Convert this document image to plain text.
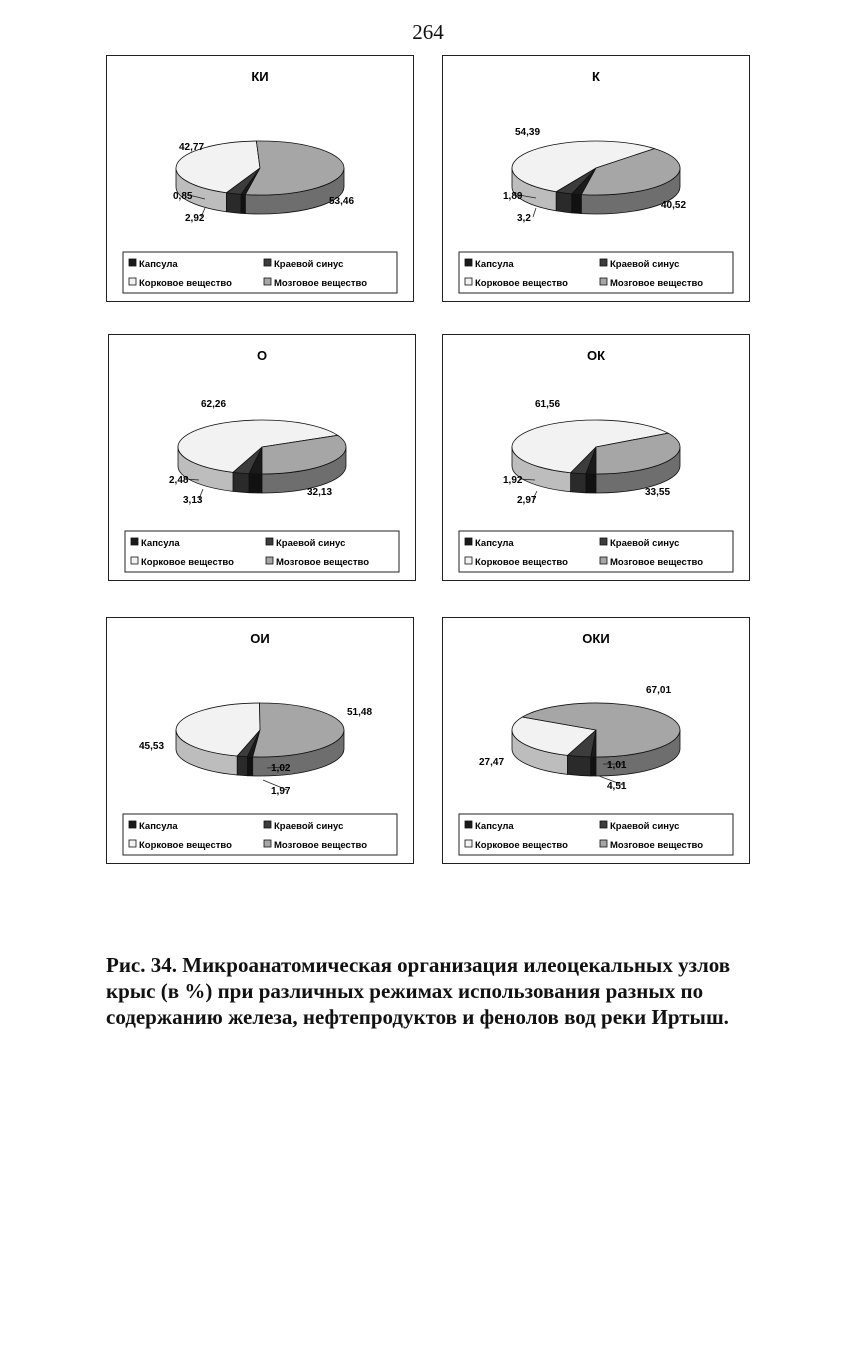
264
КИ
0,85
2,92
42,77
53,46
Капсула	Краевой синус
Корковое вещество	Мозговое вещество
К
1,89
3,2
54,39
40,52
Капсула	Краевой синус
Корковое вещество	Мозговое вещество
О
2,48
3,13
62,26
32,13
Капсула	Краевой синус
Корковое вещество	Мозговое вещество
ОК
1,92
2,97
61,56
33,55
Капсула	Краевой синус
Корковое вещество	Мозговое вещество
ОИ
1,02
1,97
45,53
51,48
Капсула	Краевой синус
Корковое вещество	Мозговое вещество
ОКИ
1,01
4,51
27,47
67,01
Капсула	Краевой синус
Корковое вещество	Мозговое вещество
Рис. 34. Микроанатомическая организация илеоцекальных узлов крыс (в %) при различных режимах использования разных по содержанию железа, нефтепродуктов и фенолов вод реки Иртыш.
